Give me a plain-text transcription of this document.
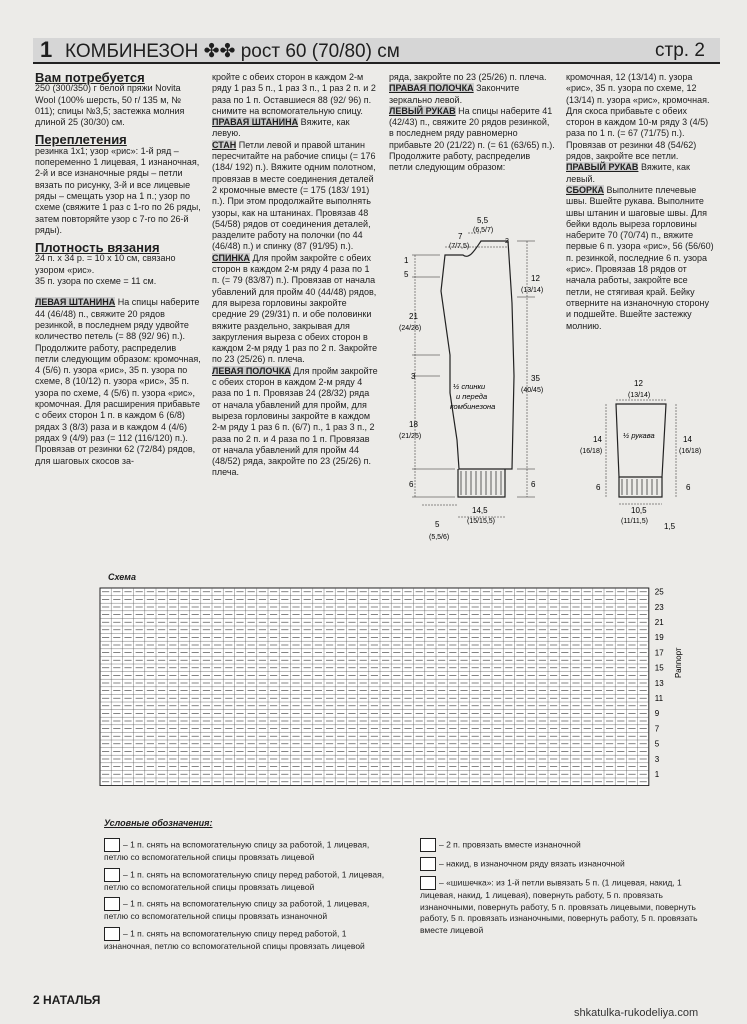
1 КОМБИНЕЗОН ✤✤ рост 60 (70/80) см	стр. 2

Вам потребуется

250 (300/350) г белой пряжи Novita Wool (100% шерсть, 50 г/ 135 м, № 011); спицы №3,5; застежка молния длиной 25 (30/30) см.

Переплетения

резинка 1x1; узор «рис»: 1-й ряд – попеременно 1 лицевая, 1 изнаночная, 2-й и все изнаночные ряды – петли вязать по рисунку, 3-й и все лицевые ряды – смещать узор на 1 п.; узор по схеме (свяжите 1 раз с 1-го по 26 ряды, затем повторяйте узор с 7-го по 26-й ряды).

Плотность вязания

24 п. x 34 р. = 10 x 10 см, связано узором «рис».

35 п. узора по схеме = 11 см.

ЛЕВАЯ ШТАНИНА На спицы наберите 44 (46/48) п., свяжите 20 рядов резинкой, в последнем ряду удвойте количество петель (= 88 (92/ 96) п.). Продолжите работу, распределив петли следующим образом: кромочная, 4 (5/6) п. узора «рис», 35 п. узора по схеме, 8 (10/12) п. узора «рис», 35 п. узора по схеме, 4 (5/6) п. узора «рис», кромочная. Для расширения прибавьте с обеих сторон 1 п. в каждом 6 (6/8) рядах 3 (8/3) раза и в каждом 4 (4/6) рядах 9 (4/9) раз (= 112 (116/120) п.). Провязав от резинки 62 (72/84) рядов, для шаговых скосов за-

кройте с обеих сторон в каждом 2-м ряду 1 раз 5 п., 1 раз 3 п., 1 раз 2 п. и 2 раза по 1 п. Оставшиеся 88 (92/ 96) п. снимите на вспомогательную спицу.

ПРАВАЯ ШТАНИНА Вяжите, как левую.

СТАН Петли левой и правой штанин пересчитайте на рабочие спицы (= 176 (184/ 192) п.). Вяжите одним полотном, провязав в месте соединения деталей 2 кромочные вместе (= 175 (183/ 191) п.). При этом продолжайте выполнять узоры, как на штанинах. Провязав 48 (54/58) рядов от соединения деталей, разделите работу на полочки (по 44 (46/48) п.) и спинку (87 (91/95) п.).

СПИНКА Для пройм закройте с обеих сторон в каждом 2-м ряду 4 раза по 1 п. (= 79 (83/87) п.). Провязав от начала убавлений для пройм 40 (44/48) рядов, для выреза горловины закройте средние 29 (29/31) п. и обе половинки вяжите раздельно, закрывая для закругления выреза с обеих сторон в каждом 2-м ряду 1 раз по 2 п. Закройте по 23 (25/26) п. плеча.

ЛЕВАЯ ПОЛОЧКА Для пройм закройте с обеих сторон в каждом 2-м ряду 4 раза по 1 п. Провязав 24 (28/32) ряда от начала убавлений для пройм, для выреза горловины закройте в каждом 2-м ряду 1 раз 6 п. (6/7) п., 1 раз 3 п., 2 раза по 2 п. и 4 раза по 1 п. Провязав от начала убавлений для пройм 44 (48/52) ряда, закройте по 23 (25/26) п. плеча.

ряда, закройте по 23 (25/26) п. плеча.

ПРАВАЯ ПОЛОЧКА Закончите зеркально левой.

ЛЕВЫЙ РУКАВ На спицы наберите 41 (42/43) п., свяжите 20 рядов резинкой, в последнем ряду равномерно прибавьте 20 (21/22) п. (= 61 (63/65) п.). Продолжите работу, распределив петли следующим образом:

кромочная, 12 (13/14) п. узора «рис», 35 п. узора по схеме, 12 (13/14) п. узора «рис», кромочная. Для скоса прибавьте с обеих сторон в каждом 10-м ряду 3 (4/5) раза по 1 п. (= 67 (71/75) п.). Провязав от резинки 48 (54/62) рядов, закройте все петли.

ПРАВЫЙ РУКАВ Вяжите, как левый.

СБОРКА Выполните плечевые швы. Вшейте рукава. Выполните швы штанин и шаговые швы. Для бейки вдоль выреза горловины наберите 70 (70/74) п., вяжите первые 6 п. узора «рис», 56 (56/60) п. резинкой, последние 6 п. узора «рис». Провязав 18 рядов от начала работы, закройте все петли, не стягивая край. Бейку отверните на изнаночную сторону и подшейте. Вшейте застежку молнию.

5,5
(6,5/7)
2
7
(7/7,5)
1
5
21
(24/26)
3
18
(21/25)
6
12
(13/14)
35
(40/45)
6
½ спинки
и переда
комбинезона
14,5
(15/15,5)
5
(5,5/6)
12
(13/14)
14
(16/18)
14
(16/18)
½ рукава
6	6
10,5
(11/11,5)
1,5
Схема
25
23
21
19
17
15
13
11
9
7
5
3
1
Раппорт
Условные обозначения:
– 1 п. снять на вспомогательную спицу за работой, 1 лицевая, петлю со вспомогательной спицы провязать лицевой
– 1 п. снять на вспомогательную спицу перед работой, 1 лицевая, петлю со вспомогательной спицы провязать лицевой
– 1 п. снять на вспомогательную спицу за работой, 1 лицевая, петлю со вспомогательной спицы провязать изнаночной
– 1 п. снять на вспомогательную спицу перед работой, 1 изнаночная, петлю со вспомогательной спицы провязать лицевой
– 2 п. провязать вместе изнаночной
– накид, в изнаночном ряду вязать изнаночной
– «шишечка»: из 1-й петли вывязать 5 п. (1 лицевая, накид, 1 лицевая, накид, 1 лицевая), повернуть работу, 5 п. провязать изнаночными, повернуть работу, 5 п. провязать лицевыми, повернуть работу, 5 п. провязать изнаночными, повернуть работу, 5 п. провязать вместе лицевой
2 НАТАЛЬЯ
shkatulka-rukodeliya.com
